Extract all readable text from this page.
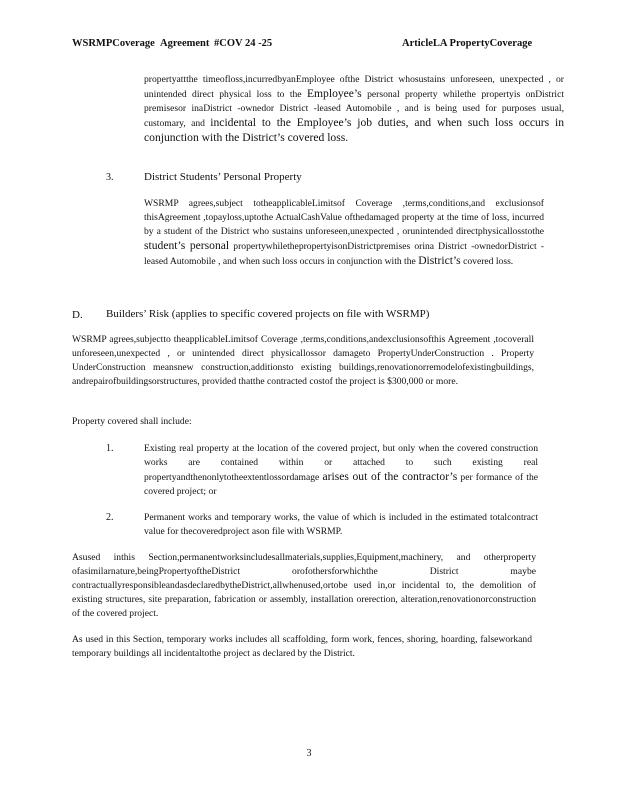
WSRMPCoverage Agreement #COV 24 -25	ArticleLA PropertyCoverage

propertyattthe timeofloss,incurredbyanEmployee ofthe District whosustains unforeseen, unexpected , or unintended direct physical loss to the Employee’s personal property whilethe propertyis onDistrict premisesor inaDistrict -ownedor District -leased Automobile , and is being used for purposes usual, customary, and incidental to the Employee’s job duties, and when such loss occurs in conjunction with the District’s covered loss.

3.	District Students’ Personal Property

WSRMP agrees,subject totheapplicableLimitsof Coverage ,terms,conditions,and exclusionsof thisAgreement ,topayloss,uptothe ActualCashValue ofthedamaged property at the time of loss, incurred by a student of the District who sustains unforeseen,unexpected , orunintended directphysicallosstothe student’s personal propertywhilethepropertyisonDistrictpremises orina District -ownedorDistrict - leased Automobile , and when such loss occurs in conjunction with the District’s covered loss.

D. Builders’ Risk (applies to specific covered projects on file with WSRMP)

WSRMP agrees,subjectto theapplicableLimitsof Coverage ,terms,conditions,andexclusionsofthis Agreement ,tocoverall unforeseen,unexpected , or unintended direct physicallossor damageto PropertyUnderConstruction . Property UnderConstruction meansnew construction,additionsto existing buildings,renovationorremodelofexistingbuildings, andrepairofbuildingsorstructures, provided thatthe contracted costof the project is $300,000 or more.

Property covered shall include:

1.	Existing real property at the location of the covered project, but only when the covered construction works are contained within or attached to such existing real propertyandthenonlytotheextentlossordamage arises out of the contractor’s per formance of the covered project; or

2.	Permanent works and temporary works, the value of which is included in the estimated totalcontract value for thecoveredproject ason file with WSRMP.

Asused inthis Section,permanentworksincludesallmaterials,supplies,Equipment,machinery, and otherproperty ofasimilarnature,beingPropertyoftheDistrict orofothersforwhichthe District maybe contractuallyresponsibleandasdeclaredbytheDistrict,allwhenused,ortobe used in,or incidental to, the demolition of existing structures, site preparation, fabrication or assembly, installation orerection, alteration,renovationorconstruction of the covered project.

As used in this Section, temporary works includes all scaffolding, form work, fences, shoring, hoarding, falseworkand temporary buildings all incidentaltothe project as declared by the District.

3
